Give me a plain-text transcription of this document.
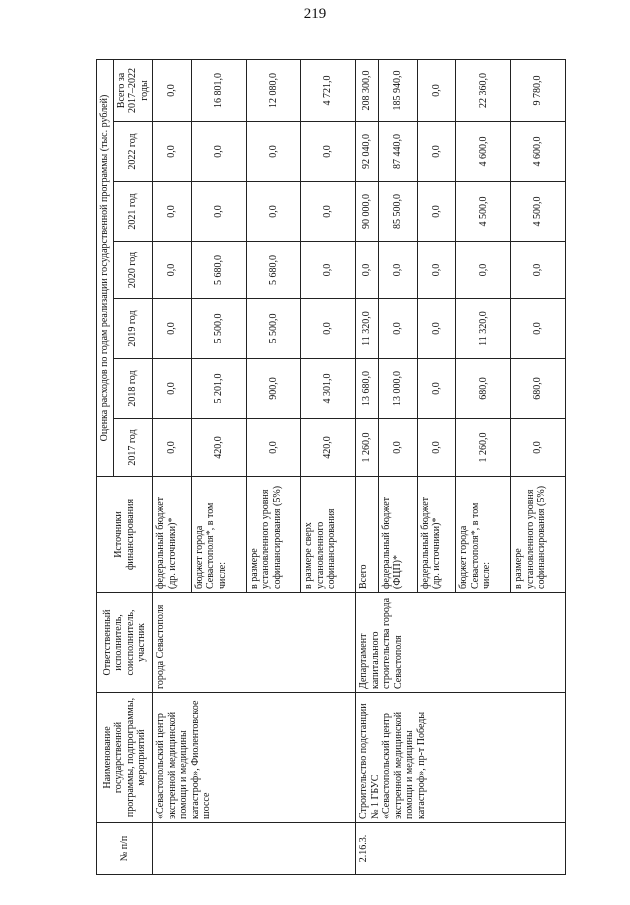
219
№ п/п	Наименование государственной программы, подпрограммы, мероприятий	Ответственный исполнитель, соисполнитель, участник	Источники финансирования	Оценка расходов по годам реализации государственной программы (тыс. рублей)						
				2017 год	2018 год	2019 год	2020 год	2021 год	2022 год	Всего за 2017–2022 годы
	«Севастопольский центр экстренной медицинской помощи и медицины катастроф», Фиолентовское шоссе	города Севастополя	федеральный бюджет (др. источники)*	0,0	0,0	0,0	0,0	0,0	0,0	0,0
			бюджет города Севастополя*, в том числе:	420,0	5 201,0	5 500,0	5 680,0	0,0	0,0	16 801,0
			в размере установленного уровня софинансирования (5%)	0,0	900,0	5 500,0	5 680,0	0,0	0,0	12 080,0
			в размере сверх установленного софинансирования	420,0	4 301,0	0,0	0,0	0,0	0,0	4 721,0
2.16.3.	Строительство подстанции № 1 ГБУС «Севастопольский центр экстренной медицинской помощи и медицины катастроф», пр-т Победы	Департамент капитального строительства города Севастополя	Всего	1 260,0	13 680,0	11 320,0	0,0	90 000,0	92 040,0	208 300,0
			федеральный бюджет (ФЦП)*	0,0	13 000,0	0,0	0,0	85 500,0	87 440,0	185 940,0
			федеральный бюджет (др. источники)*	0,0	0,0	0,0	0,0	0,0	0,0	0,0
			бюджет города Севастополя*, в том числе:	1 260,0	680,0	11 320,0	0,0	4 500,0	4 600,0	22 360,0
			в размере установленного уровня софинансирования (5%)	0,0	680,0	0,0	0,0	4 500,0	4 600,0	9 780,0
